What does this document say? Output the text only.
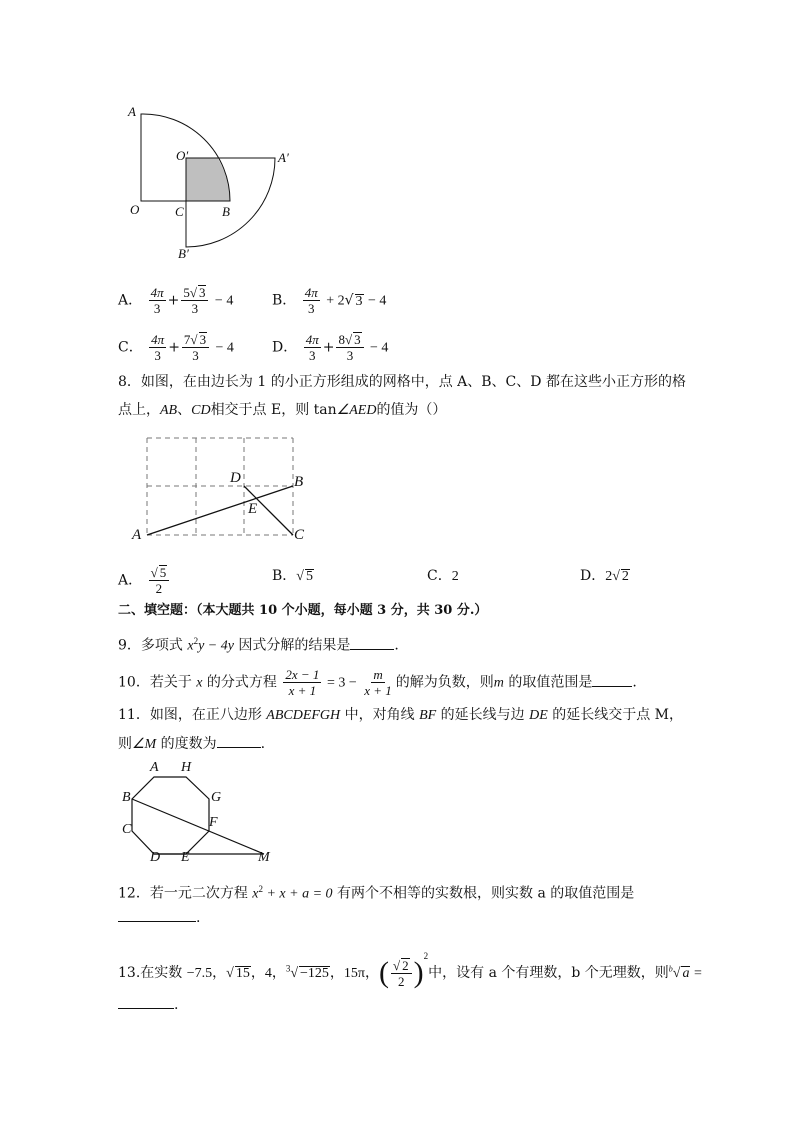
A
A′
O′
O	C	B
B′
A． $\frac{4\pi}{3} + \frac{5√ 3}{3} - 4$	B． $\frac{4\pi}{3} + 2√$ 3 − 4
C． $\frac{4\pi}{3} + \frac{7√ 3}{3} - 4$	D． $\frac{4\pi}{3} + \frac{8√ 3}{3} - 4$
8．如图，在由边长为 1 的小正方形组成的网格中，点 A、B、C、D 都在这些小正方形的格
点上，AB、CD相交于点 E，则 tan∠AED的值为（）
A
B
C
D
E
A． $\frac{√ 5}{2}$	B．√ 5	C．2	D．2√ 2
二、填空题：（本大题共 10 个小题，每小题 3 分，共 30 分.）
9．多项式 $x^2y - 4y$ 因式分解的结果是	.
10．若关于 x 的分式方程 $\frac{2x - 1}{x + 1} = 3 - \frac{m}{x + 1}$ 的解为负数，则m 的取值范围是	.
11．如图，在正八边形 ABCDEFGH 中，对角线 BF 的延长线与边 DE 的延长线交于点 M，
则∠M 的度数为	.
A H
B	G
C	F
D E	M
12．若一元二次方程 $x^2 + x + a = 0$ 有两个不相等的实数根，则实数 a 的取值范围是
.
13.在实数 −7.5，√ 15，4，$^3$√ −125，15π，( $\frac{√ 2}{2} )^2$中，设有 a 个有理数，b 个无理数，则$^b$√ a =
.
